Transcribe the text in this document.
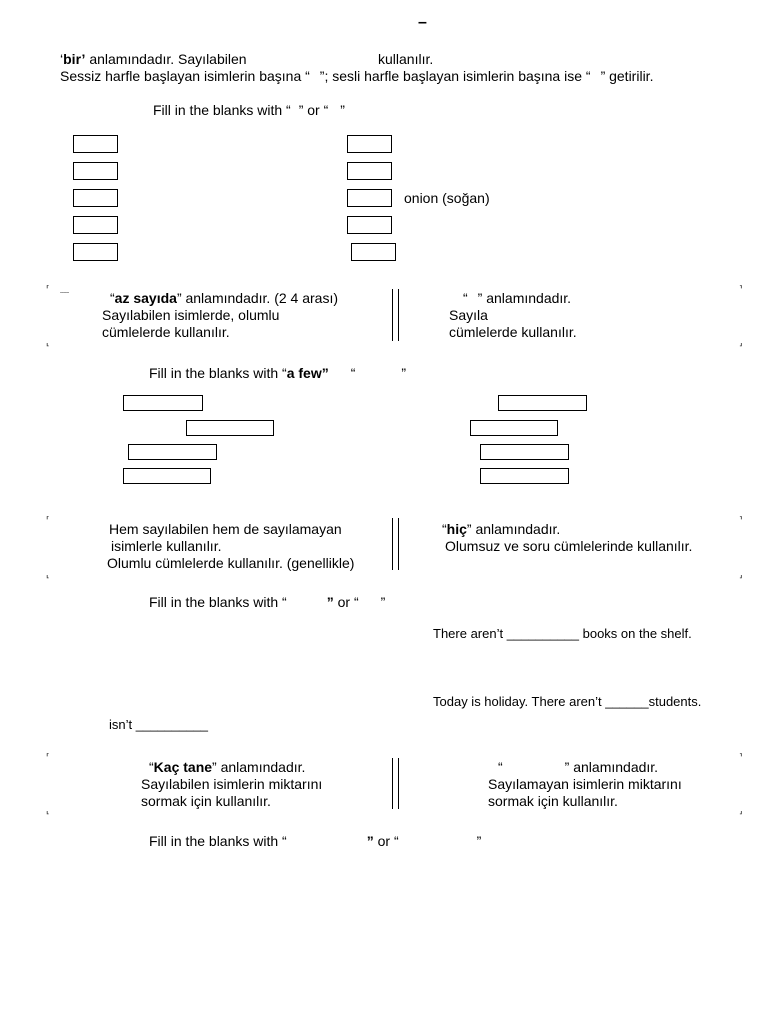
–
‘bir’ anlamındadır. Sayılabilen	kullanılır.
Sessiz harfle başlayan isimlerin başına “ ”; sesli harfle başlayan isimlerin başına ise “ ” getirilir.
Fill in the blanks with “ ” or “ ”
onion (soğan)
⸢ ﹏	⸣
⸤	⸥
“az sayıda” anlamındadır. (2 4 arası)
Sayılabilen isimlerde, olumlu
cümlelerde kullanılır.
“ ” anlamındadır.
Sayıla
cümlelerde kullanılır.
Fill in the blanks with “a few” “	”
⸢	⸣
⸤	⸥
Hem sayılabilen hem de sayılamayan
isimlerle kullanılır.
Olumlu cümlelerde kullanılır. (genellikle)
“hiç” anlamındadır.
Olumsuz ve soru cümlelerinde kullanılır.
Fill in the blanks with “	” or “ ”
There aren’t __________ books on the shelf.
Today is holiday. There aren’t ______students.
isn’t __________
⸢	⸣
⸤	⸥
“Kaç tane” anlamındadır.
Sayılabilen isimlerin miktarını
sormak için kullanılır.
“	” anlamındadır.
Sayılamayan isimlerin miktarını
sormak için kullanılır.
Fill in the blanks with “	” or “	”
